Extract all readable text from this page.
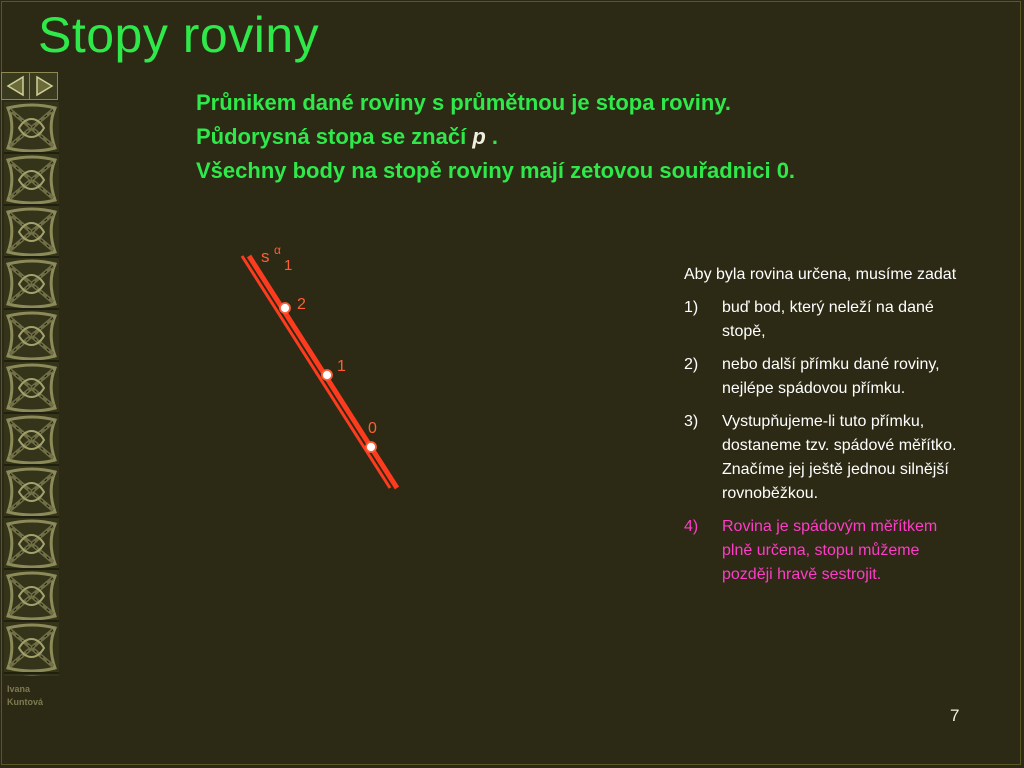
Stopy roviny
Ivana
Kuntová

Průnikem dané roviny s průmětnou je stopa roviny.

Půdorysná stopa se značí p .

Všechny body na stopě roviny mají zetovou souřadnici 0.

s α
1
2
1
0

Aby byla rovina určena, musíme zadat

1)	buď bod, který neleží na dané stopě,
2)	nebo další přímku dané roviny, nejlépe spádovou přímku.
3)	Vystupňujeme-li tuto přímku, dostaneme tzv. spádové měřítko. Značíme jej ještě jednou silnější rovnoběžkou.
4)	Rovina je spádovým měřítkem plně určena, stopu můžeme později hravě sestrojit.
7
